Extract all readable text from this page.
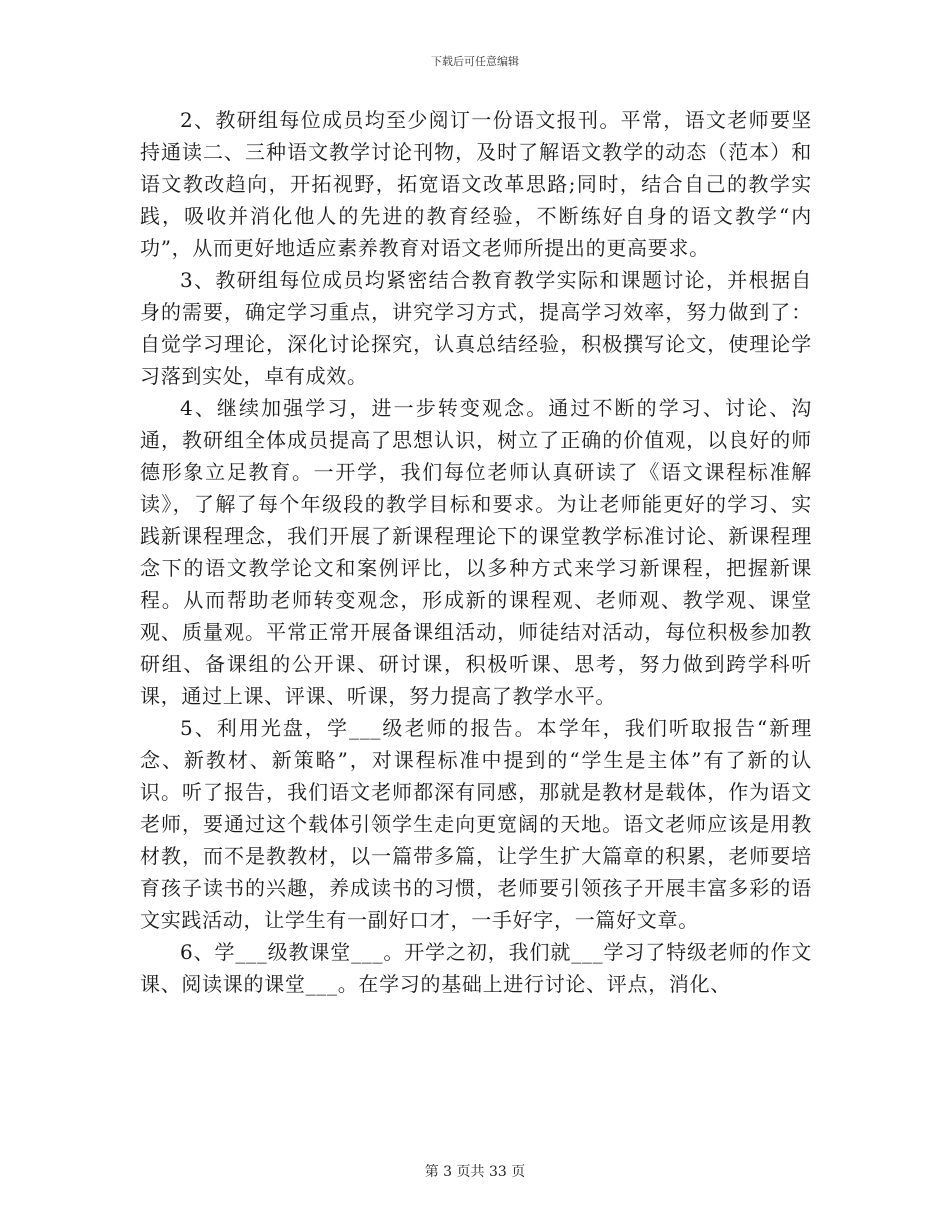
下载后可任意编辑

2、教研组每位成员均至少阅订一份语文报刊。平常，语文老师要坚持通读二、三种语文教学讨论刊物，及时了解语文教学的动态（范本）和语文教改趋向，开拓视野，拓宽语文改革思路;同时，结合自己的教学实践，吸收并消化他人的先进的教育经验，不断练好自身的语文教学“内功”，从而更好地适应素养教育对语文老师所提出的更高要求。

3、教研组每位成员均紧密结合教育教学实际和课题讨论，并根据自身的需要，确定学习重点，讲究学习方式，提高学习效率，努力做到了：自觉学习理论，深化讨论探究，认真总结经验，积极撰写论文，使理论学习落到实处，卓有成效。

4、继续加强学习，进一步转变观念。通过不断的学习、讨论、沟通，教研组全体成员提高了思想认识，树立了正确的价值观，以良好的师德形象立足教育。一开学，我们每位老师认真研读了《语文课程标准解读》，了解了每个年级段的教学目标和要求。为让老师能更好的学习、实践新课程理念，我们开展了新课程理论下的课堂教学标准讨论、新课程理念下的语文教学论文和案例评比，以多种方式来学习新课程，把握新课程。从而帮助老师转变观念，形成新的课程观、老师观、教学观、课堂观、质量观。平常正常开展备课组活动，师徒结对活动，每位积极参加教研组、备课组的公开课、研讨课，积极听课、思考，努力做到跨学科听课，通过上课、评课、听课，努力提高了教学水平。

5、利用光盘，学___级老师的报告。本学年，我们听取报告“新理念、新教材、新策略”，对课程标准中提到的“学生是主体”有了新的认识。听了报告，我们语文老师都深有同感，那就是教材是载体，作为语文老师，要通过这个载体引领学生走向更宽阔的天地。语文老师应该是用教材教，而不是教教材，以一篇带多篇，让学生扩大篇章的积累，老师要培育孩子读书的兴趣，养成读书的习惯，老师要引领孩子开展丰富多彩的语文实践活动，让学生有一副好口才，一手好字，一篇好文章。

6、学___级教课堂___。开学之初，我们就___学习了特级老师的作文课、阅读课的课堂___。在学习的基础上进行讨论、评点，消化、

第 3 页共 33 页
